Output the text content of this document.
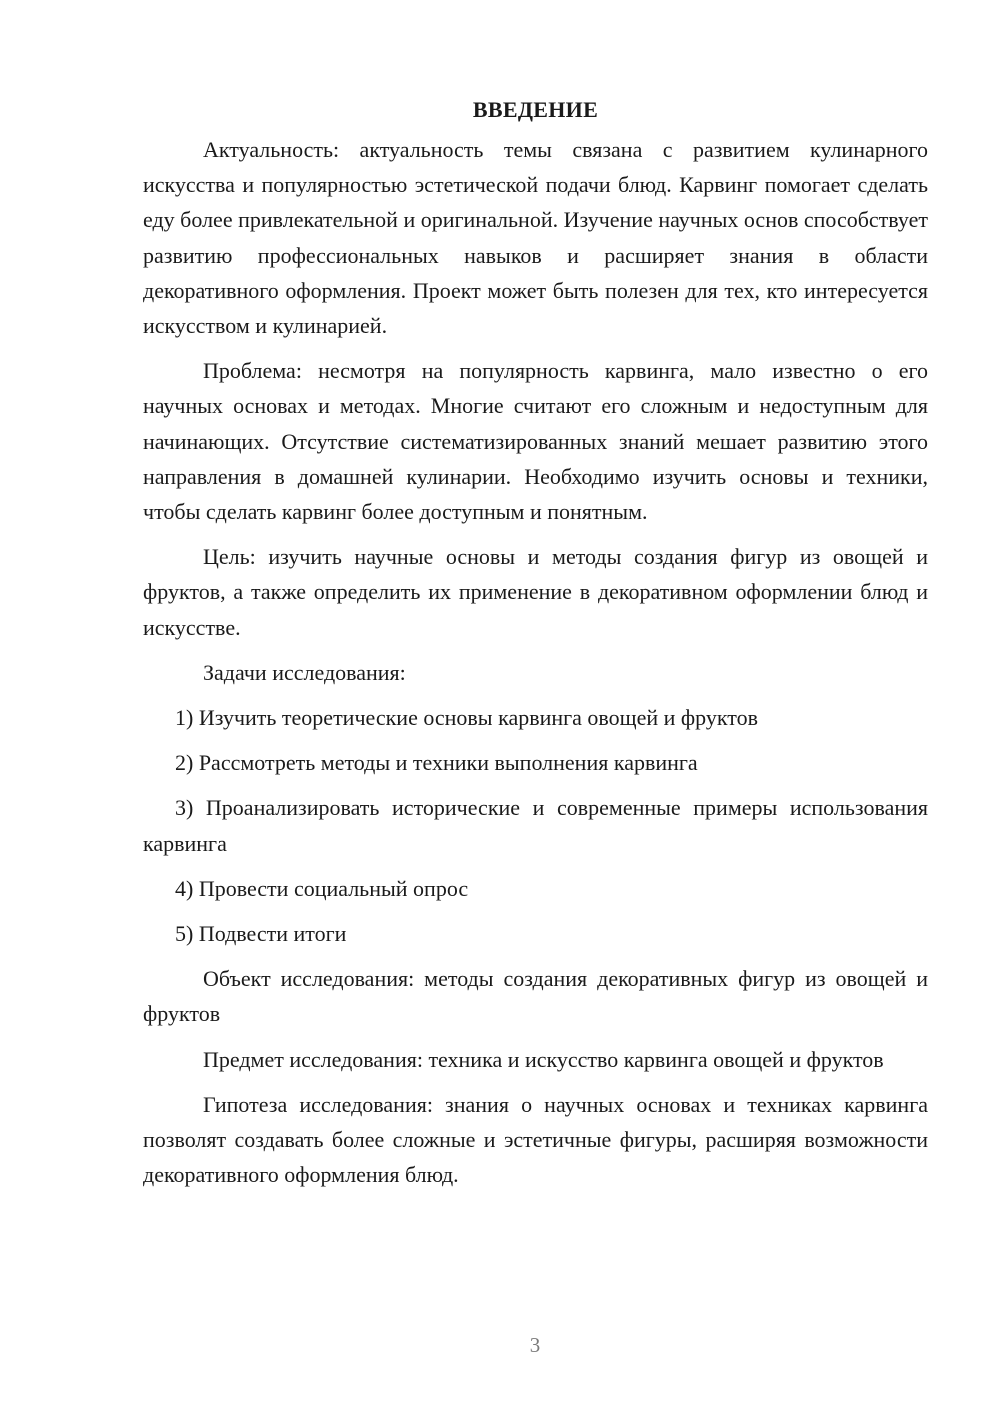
ВВЕДЕНИЕ

Актуальность: актуальность темы связана с развитием кулинарного искусства и популярностью эстетической подачи блюд. Карвинг помогает сделать еду более привлекательной и оригинальной. Изучение научных основ способствует развитию профессиональных навыков и расширяет знания в области декоративного оформления. Проект может быть полезен для тех, кто интересуется искусством и кулинарией.

Проблема: несмотря на популярность карвинга, мало известно о его научных основах и методах. Многие считают его сложным и недоступным для начинающих. Отсутствие систематизированных знаний мешает развитию этого направления в домашней кулинарии. Необходимо изучить основы и техники, чтобы сделать карвинг более доступным и понятным.

Цель: изучить научные основы и методы создания фигур из овощей и фруктов, а также определить их применение в декоративном оформлении блюд и искусстве.

Задачи исследования:

1) Изучить теоретические основы карвинга овощей и фруктов

2) Рассмотреть методы и техники выполнения карвинга

3) Проанализировать исторические и современные примеры использования карвинга

4) Провести социальный опрос

5) Подвести итоги

Объект исследования: методы создания декоративных фигур из овощей и фруктов

Предмет исследования: техника и искусство карвинга овощей и фруктов

Гипотеза исследования: знания о научных основах и техниках карвинга позволят создавать более сложные и эстетичные фигуры, расширяя возможности декоративного оформления блюд.

3
